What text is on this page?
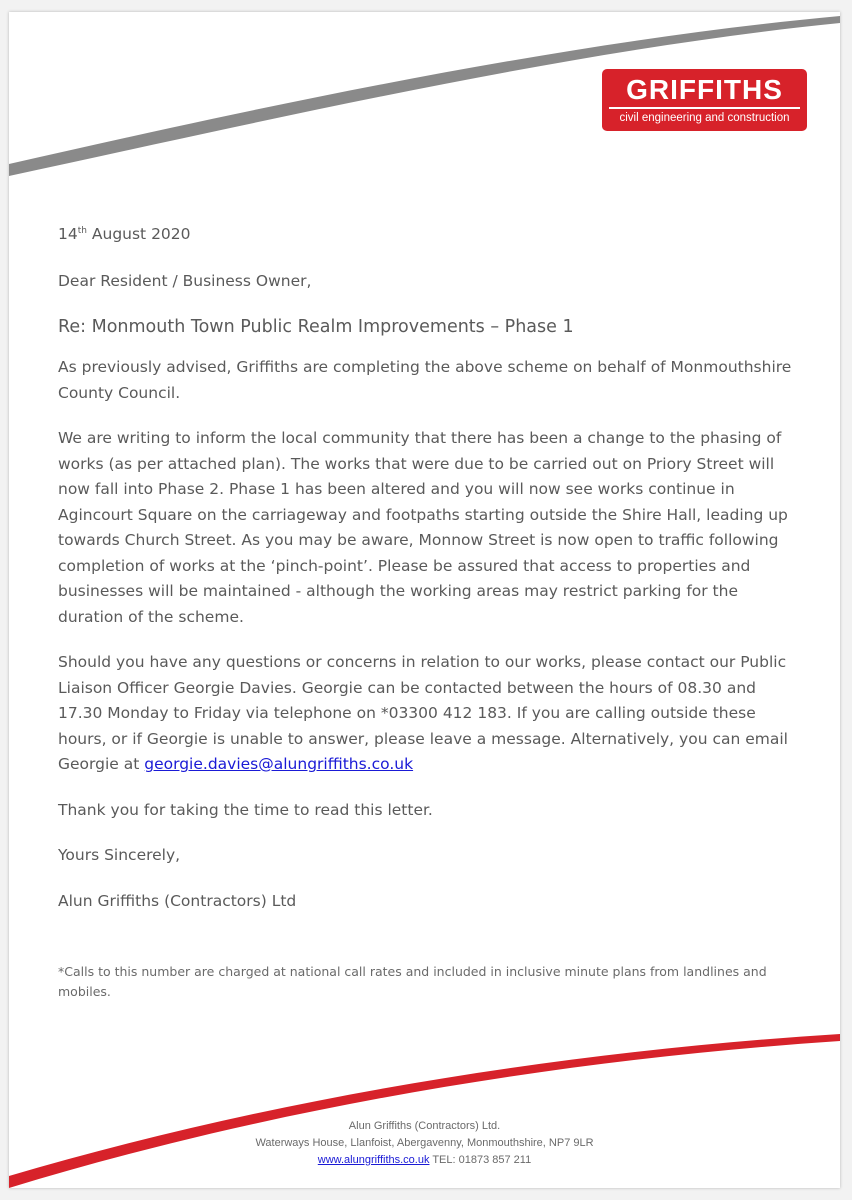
GRIFFITHS
civil engineering and construction

14th August 2020

Dear Resident / Business Owner,

Re: Monmouth Town Public Realm Improvements – Phase 1

As previously advised, Griffiths are completing the above scheme on behalf of Monmouthshire County Council.

We are writing to inform the local community that there has been a change to the phasing of works (as per attached plan). The works that were due to be carried out on Priory Street will now fall into Phase 2. Phase 1 has been altered and you will now see works continue in Agincourt Square on the carriageway and footpaths starting outside the Shire Hall, leading up towards Church Street. As you may be aware, Monnow Street is now open to traffic following completion of works at the ‘pinch-point’. Please be assured that access to properties and businesses will be maintained - although the working areas may restrict parking for the duration of the scheme.

Should you have any questions or concerns in relation to our works, please contact our Public Liaison Officer Georgie Davies. Georgie can be contacted between the hours of 08.30 and 17.30 Monday to Friday via telephone on *03300 412 183. If you are calling outside these hours, or if Georgie is unable to answer, please leave a message. Alternatively, you can email Georgie at georgie.davies@alungriffiths.co.uk

Thank you for taking the time to read this letter.

Yours Sincerely,

Alun Griffiths (Contractors) Ltd

*Calls to this number are charged at national call rates and included in inclusive minute plans from landlines and mobiles.
Alun Griffiths (Contractors) Ltd.
Waterways House, Llanfoist, Abergavenny, Monmouthshire, NP7 9LR
www.alungriffiths.co.uk TEL: 01873 857 211
